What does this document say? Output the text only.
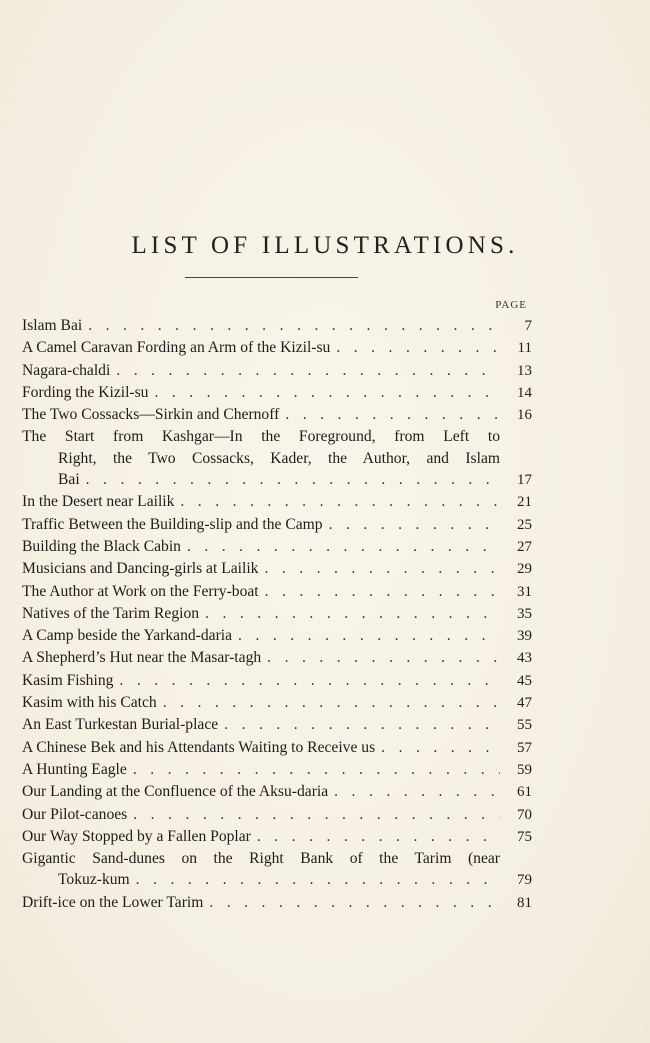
LIST OF ILLUSTRATIONS.
PAGE
Islam Bai . . .	7
A Camel Caravan Fording an Arm of the Kizil-su . . .	11
Nagara-chaldi . . .	13
Fording the Kizil-su . . .	14
The Two Cossacks—Sirkin and Chernoff . . .	16
The Start from Kashgar—In the Foreground, from Left to
Right, the Two Cossacks, Kader, the Author, and Islam
Bai . . .	17
In the Desert near Lailik . . .	21
Traffic Between the Building-slip and the Camp . . .	25
Building the Black Cabin . . .	27
Musicians and Dancing-girls at Lailik . . .	29
The Author at Work on the Ferry-boat . . .	31
Natives of the Tarim Region . . .	35
A Camp beside the Yarkand-daria . . .	39
A Shepherd’s Hut near the Masar-tagh . . .	43
Kasim Fishing . . .	45
Kasim with his Catch . . .	47
An East Turkestan Burial-place . . .	55
A Chinese Bek and his Attendants Waiting to Receive us . . .	57
A Hunting Eagle . . .	59
Our Landing at the Confluence of the Aksu-daria . . .	61
Our Pilot-canoes . . .	70
Our Way Stopped by a Fallen Poplar . . .	75
Gigantic Sand-dunes on the Right Bank of the Tarim (near
Tokuz-kum . . .	79
Drift-ice on the Lower Tarim . . .	81
